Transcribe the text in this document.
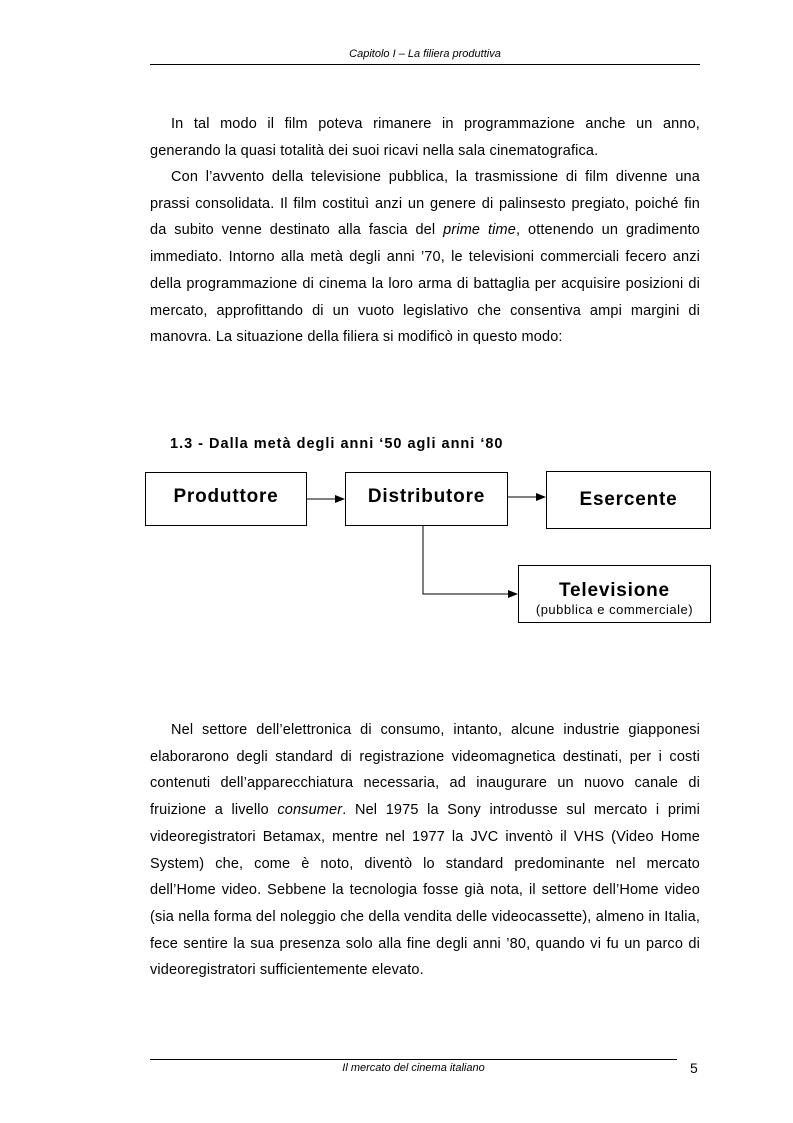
Capitolo I – La filiera produttiva

In tal modo il film poteva rimanere in programmazione anche un anno, generando la quasi totalità dei suoi ricavi nella sala cinematografica.

Con l’avvento della televisione pubblica, la trasmissione di film divenne una prassi consolidata. Il film costituì anzi un genere di palinsesto pregiato, poiché fin da subito venne destinato alla fascia del prime time, ottenendo un gradimento immediato. Intorno alla metà degli anni ’70, le televisioni commerciali fecero anzi della programmazione di cinema la loro arma di battaglia per acquisire posizioni di mercato, approfittando di un vuoto legislativo che consentiva ampi margini di manovra. La situazione della filiera si modificò in questo modo:

1.3 - Dalla metà degli anni ‘50 agli anni ‘80

Produttore	Distributore	Esercente
Televisione
(pubblica e commerciale)

Nel settore dell’elettronica di consumo, intanto, alcune industrie giapponesi elaborarono degli standard di registrazione videomagnetica destinati, per i costi contenuti dell’apparecchiatura necessaria, ad inaugurare un nuovo canale di fruizione a livello consumer. Nel 1975 la Sony introdusse sul mercato i primi videoregistratori Betamax, mentre nel 1977 la JVC inventò il VHS (Video Home System) che, come è noto, diventò lo standard predominante nel mercato dell’Home video. Sebbene la tecnologia fosse già nota, il settore dell’Home video (sia nella forma del noleggio che della vendita delle videocassette), almeno in Italia, fece sentire la sua presenza solo alla fine degli anni ’80, quando vi fu un parco di videoregistratori sufficientemente elevato.

Il mercato del cinema italiano	5
